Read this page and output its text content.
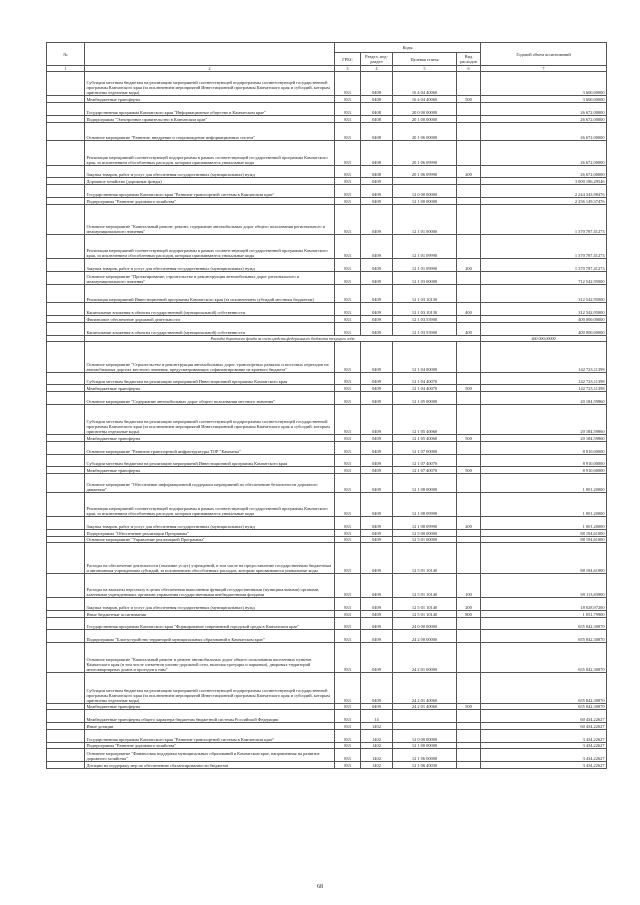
№		Коды				Годовой объем ассигнований
		ГРБС	Раздел, под-раздел	Целевая статья	Вид расходов	
1	2	3	4	5	6	7
	Субсидии местным бюджетам на реализацию мероприятий соответствующей подпрограммы соответствующей государственной программы Камчатского края (за исключением мероприятий Инвестиционной программы Камчатского края и субсидий, которым присвоены отдельные коды)	833	0408	16 4 04 40060		3 600,00000
	Межбюджетные трансферты	833	0408	16 4 04 40060	500	3 600,00000
	Государственная программа Камчатского края "Информационное общество в Камчатском крае"	833	0408	20 0 00 00000		26 672,00000
	Подпрограмма "Электронное правительство в Камчатском крае"	833	0408	20 1 00 00000		26 672,00000
	Основное мероприятие "Развитие, внедрение и сопровождение информационных систем"	833	0408	20 1 06 00000		26 672,00000
	Реализация мероприятий соответствующей подпрограммы в рамках соответствующей государственной программы Камчатского края, за исключением обособленных расходов, которым присваиваются уникальные коды	833	0408	20 1 06 09990		26 672,00000
	Закупка товаров, работ и услуг для обеспечения государственных (муниципальных) нужд	833	0408	20 1 06 09990	200	26 672,00000
	Дорожное хозяйство (дорожные фонды)	833	0409			3 000 186,29546
	Государственная программа Камчатского края "Развитие транспортной системы в Камчатском крае"	833	0409	12 0 00 00000		2 244 343,98476
	Подпрограмма "Развитие дорожного хозяйства"	833	0409	12 1 00 00000		2 256 149,37476
	Основное мероприятие "Капитальный ремонт, ремонт, содержание автомобильных дорог общего пользования регионального и межмуниципального значения"	833	0409	12 1 01 00000		1 370 787,41273
	Реализация мероприятий соответствующей подпрограммы в рамках соответствующей государственной программы Камчатского края, за исключением обособленных расходов, которым присваиваются уникальные коды	833	0409	12 1 01 09990		1 370 787,41273
	Закупка товаров, работ и услуг для обеспечения государственных (муниципальных) нужд	833	0409	12 1 01 09990	200	1 370 787,41273
	Основное мероприятие "Проектирование, строительство и реконструкция автомобильных дорог регионального и межмуниципального значения"	833	0409	12 1 03 00000		712 542,95000
	Реализация мероприятий Инвестиционной программы Камчатского края (за исключением субсидий местным бюджетам)	833	0409	12 1 03 10130		312 542,95000
	Капитальные вложения в объекты государственной (муниципальной) собственности	833	0409	12 1 03 10130	400	312 542,95000
	Финансовое обеспечение дорожной деятельности	833	0409	12 1 03 53900		400 000,00000
	Капитальные вложения в объекты государственной (муниципальной) собственности	833	0409	12 1 03 53900	400	400 000,00000
	Расходы дорожного фонда за счет средств федерального бюджета текущего года					400 000,00000
	Основное мероприятие "Строительство и реконструкция автомобильных дорог, транспортных развязок и мостовых переходов на автомобильных дорогах местного значения, предусматривающих софинансирование из краевого бюджета"	833	0409	12 1 04 00000		142 723,11398
	Субсидии местным бюджетам на реализацию мероприятий Инвестиционной программы Камчатского края	833	0409	12 1 04 40070		142 723,11398
	Межбюджетные трансферты	833	0409	12 1 04 40070	500	142 723,11398
	Основное мероприятие "Содержание автомобильных дорог общего пользования местного значения"	833	0409	12 1 05 00000		20 184,59860
	Субсидии местным бюджетам на реализацию мероприятий соответствующей подпрограммы соответствующей государственной программы Камчатского края (за исключением мероприятий Инвестиционной программы Камчатского края и субсидий, которым присвоены отдельные коды)	833	0409	12 1 05 40060		20 184,59860
	Межбюджетные трансферты	833	0409	12 1 05 40060	500	20 184,59860
	Основное мероприятие "Развитие транспортной инфраструктуры ТОР "Камчатка"	833	0409	12 1 07 00000		8 910,00000
	Субсидии местным бюджетам на реализацию мероприятий Инвестиционной программы Камчатского края	833	0409	12 1 07 40070		8 910,00000
	Межбюджетные трансферты	833	0409	12 1 07 40070	500	8 910,00000
	Основное мероприятие "Обеспечение информационной поддержки мероприятий по обеспечению безопасности дорожного движения"	833	0409	12 1 08 00000		1 001,20000
	Реализация мероприятий соответствующей подпрограммы в рамках соответствующей государственной программы Камчатского края, за исключением обособленных расходов, которым присваиваются уникальные коды	833	0409	12 1 08 09990		1 001,20000
	Закупка товаров, работ и услуг для обеспечения государственных (муниципальных) нужд	833	0409	12 1 08 09990	200	1 001,20000
	Подпрограмма "Обеспечение реализации Программы"	833	0409	12 5 00 00000		88 194,61000
	Основное мероприятие "Управление реализацией Программы"	833	0409	12 5 01 00000		88 194,61000
	Расходы на обеспечение деятельности (оказание услуг) учреждений, в том числе на предоставление государственным бюджетным и автономным учреждениям субсидий, за исключением обособленных расходов, которым присваиваются уникальные коды	833	0409	12 5 01 10140		88 194,61000
	Расходы на выплаты персоналу в целях обеспечения выполнения функций государственными (муниципальными) органами, казенными учреждениями, органами управления государственными внебюджетными фондами	833	0409	12 5 01 10140	100	69 113,83900
	Закупка товаров, работ и услуг для обеспечения государственных (муниципальных) нужд	833	0409	12 5 01 10140	200	18 028,97200
	Иные бюджетные ассигнования	833	0409	12 5 01 10140	800	1 051,79900
	Государственная программа Камчатского края "Формирование современной городской среды в Камчатском крае"	833	0409	24 0 00 00000		655 842,30870
	Подпрограмма "Благоустройство территорий муниципальных образований в Камчатском крае"	833	0409	24 2 00 00000		655 842,30870
	Основное мероприятие "Капитальный ремонт и ремонт автомобильных дорог общего пользования населенных пунктов Камчатского края (в том числе элементов улично-дорожной сети, включая тротуары и парковки), дворовых территорий многоквартирных домов и проездов к ним"	833	0409	24 2 01 00000		655 842,30870
	Субсидии местным бюджетам на реализацию мероприятий соответствующей подпрограммы соответствующей государственной программы Камчатского края (за исключением мероприятий Инвестиционной программы Камчатского края и субсидий, которым присвоены отдельные коды)	833	0409	24 2 01 40060		655 842,30870
	Межбюджетные трансферты	833	0409	24 2 01 40060	500	655 842,30870
	Межбюджетные трансферты общего характера бюджетам бюджетной системы Российской Федерации	833	14			60 434,22627
	Иные дотации	833	1402			60 434,22627
	Государственная программа Камчатского края "Развитие транспортной системы в Камчатском крае"	833	1402	12 0 00 00000		3 434,22627
	Подпрограмма "Развитие дорожного хозяйства"	833	1402	12 1 00 00000		3 434,22627
	Основное мероприятие "Финансовая поддержка муниципальных образований в Камчатском крае, направленная на развитие дорожного хозяйства"	833	1402	12 1 06 00000		3 434,22627
	Дотации на поддержку мер по обеспечению сбалансированности бюджетов	833	1402	12 1 06 40030		3 434,22627
68
